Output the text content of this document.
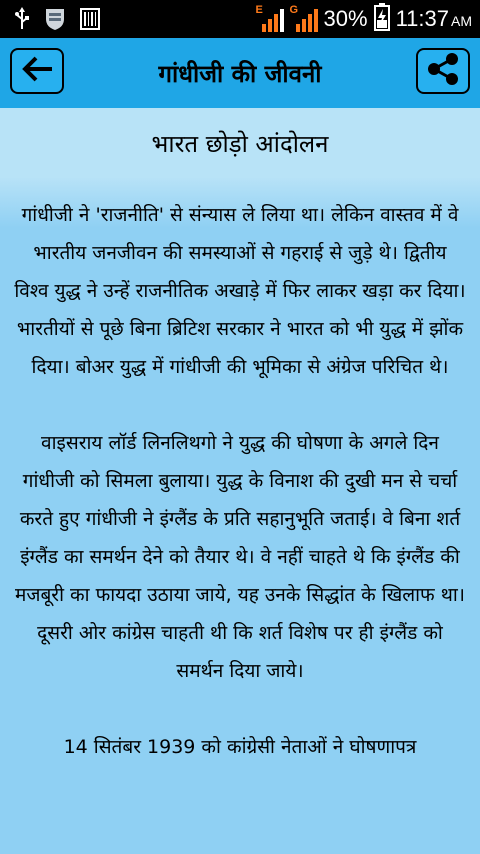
E G 30% 11:37 AM
गांधीजी की जीवनी
भारत छोड़ो आंदोलन

गांधीजी ने 'राजनीति' से संन्यास ले लिया था। लेकिन वास्तव में वे भारतीय जनजीवन की समस्याओं से गहराई से जुड़े थे। द्वितीय विश्व युद्ध ने उन्हें राजनीतिक अखाड़े में फिर लाकर खड़ा कर दिया। भारतीयों से पूछे बिना ब्रिटिश सरकार ने भारत को भी युद्ध में झोंक दिया। बोअर युद्ध में गांधीजी की भूमिका से अंग्रेज परिचित थे।

वाइसराय लॉर्ड लिनलिथगो ने युद्ध की घोषणा के अगले दिन गांधीजी को सिमला बुलाया। युद्ध के विनाश की दुखी मन से चर्चा करते हुए गांधीजी ने इंग्लैंड के प्रति सहानुभूति जताई। वे बिना शर्त इंग्लैंड का समर्थन देने को तैयार थे। वे नहीं चाहते थे कि इंग्लैंड की मजबूरी का फायदा उठाया जाये, यह उनके सिद्धांत के खिलाफ था। दूसरी ओर कांग्रेस चाहती थी कि शर्त विशेष पर ही इंग्लैंड को समर्थन दिया जाये।

14 सितंबर 1939 को कांग्रेसी नेताओं ने घोषणापत्र
